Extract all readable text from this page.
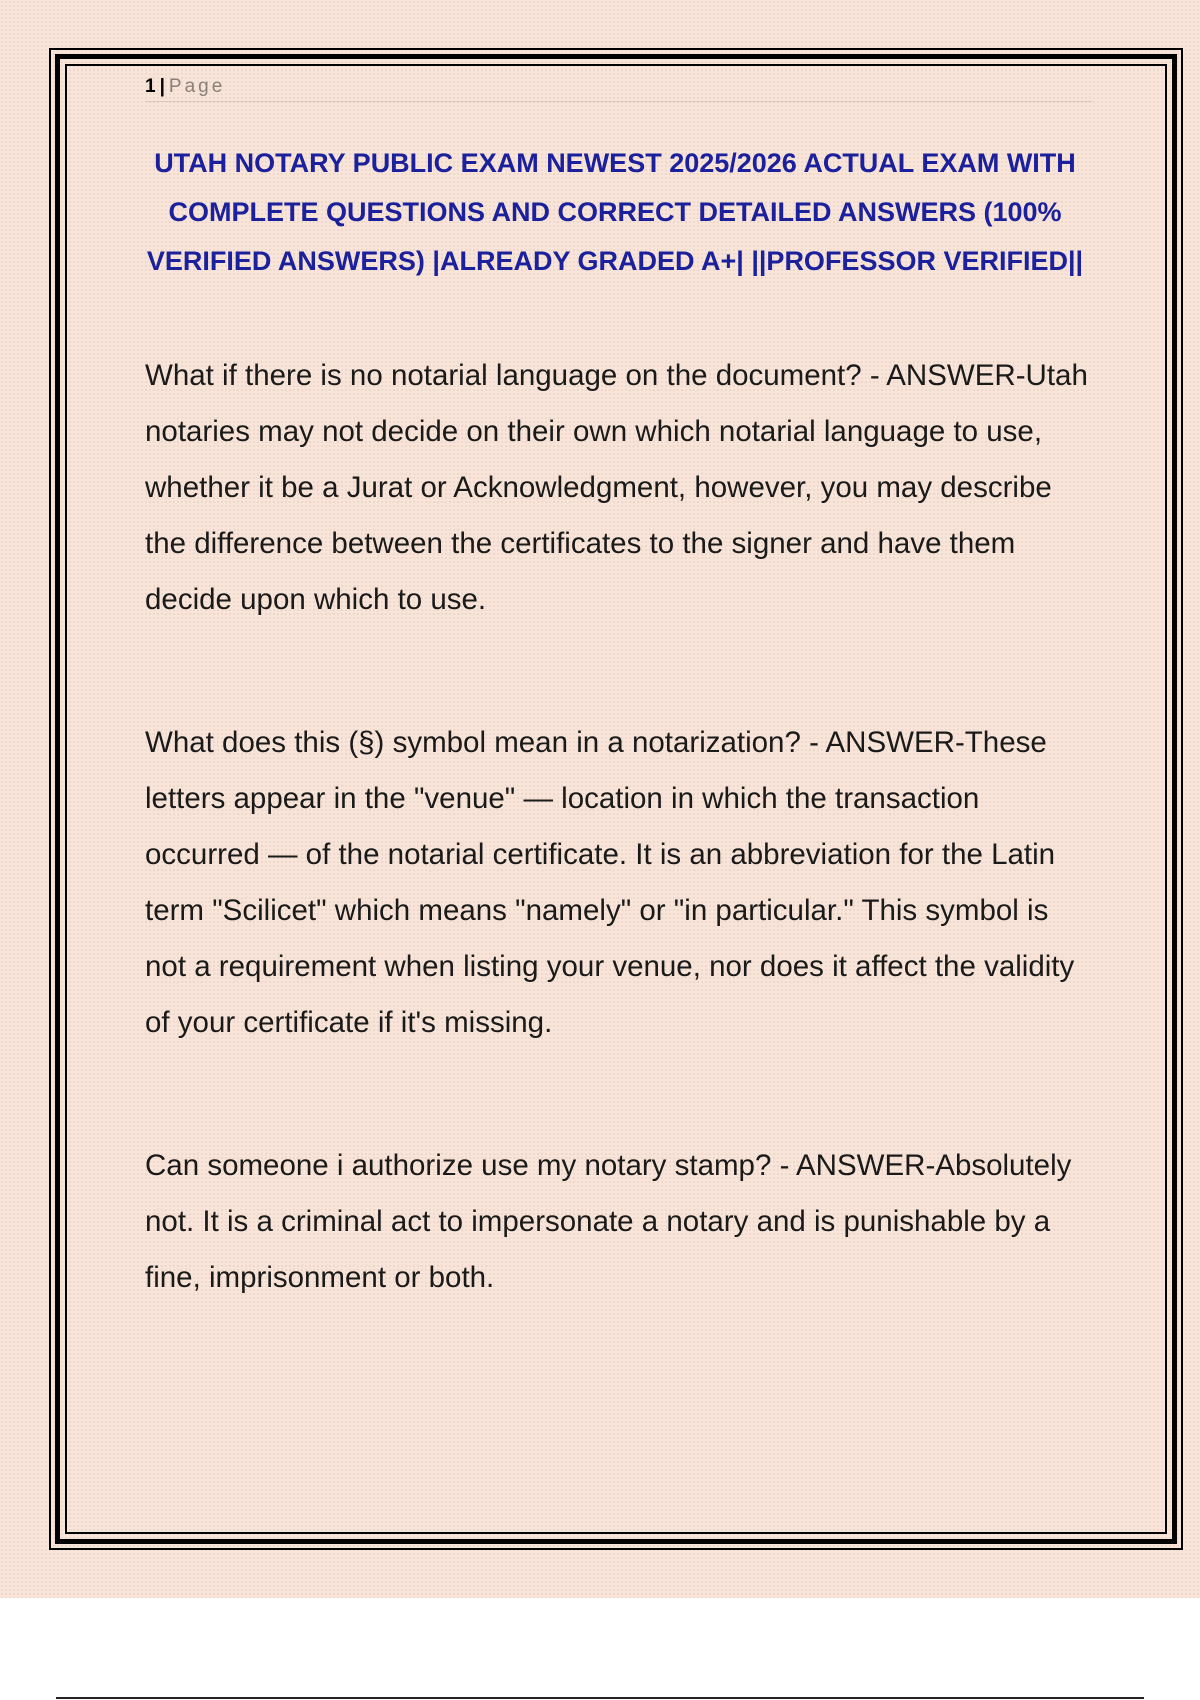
1 | Page
UTAH NOTARY PUBLIC EXAM NEWEST 2025/2026 ACTUAL EXAM WITH COMPLETE QUESTIONS AND CORRECT DETAILED ANSWERS (100% VERIFIED ANSWERS) |ALREADY GRADED A+| ||PROFESSOR VERIFIED||

What if there is no notarial language on the document? - ANSWER-Utah notaries may not decide on their own which notarial language to use, whether it be a Jurat or Acknowledgment, however, you may describe the difference between the certificates to the signer and have them decide upon which to use.

What does this (§) symbol mean in a notarization? - ANSWER-These letters appear in the "venue" — location in which the transaction occurred — of the notarial certificate. It is an abbreviation for the Latin term "Scilicet" which means "namely" or "in particular." This symbol is not a requirement when listing your venue, nor does it affect the validity of your certificate if it's missing.

Can someone i authorize use my notary stamp? - ANSWER-Absolutely not. It is a criminal act to impersonate a notary and is punishable by a fine, imprisonment or both.
